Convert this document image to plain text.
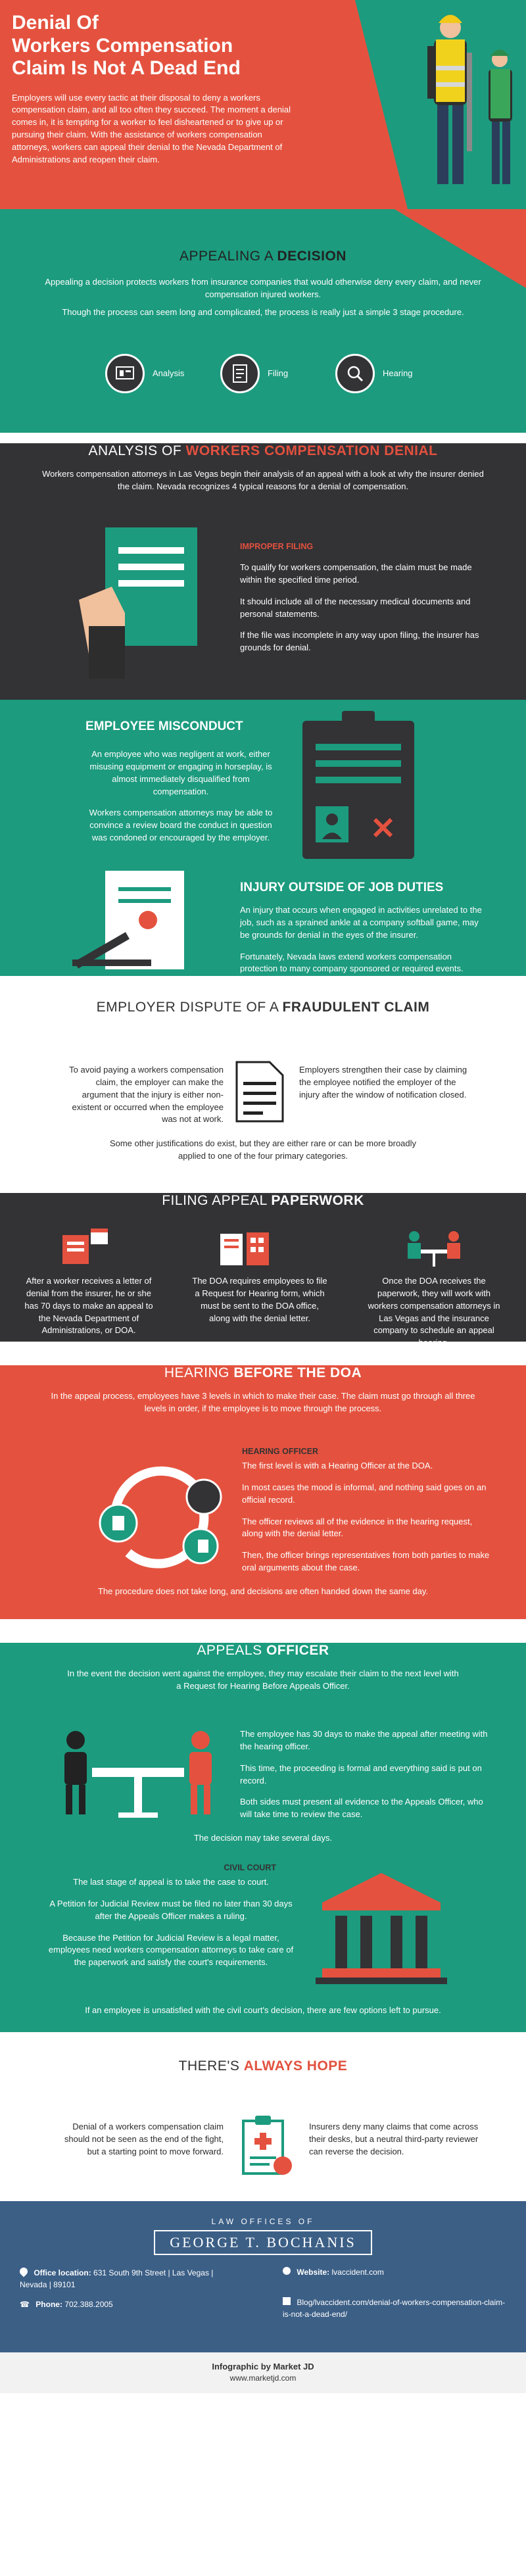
Denial Of
Workers Compensation
Claim Is Not A Dead End

Employers will use every tactic at their disposal to deny a workers compensation claim, and all too often they succeed. The moment a denial comes in, it is tempting for a worker to feel disheartened or to give up or pursuing their claim. With the assistance of workers compensation attorneys, workers can appeal their denial to the Nevada Department of Administrations and reopen their claim.

APPEALING A DECISION

Appealing a decision protects workers from insurance companies that would otherwise deny every claim, and never compensation injured workers.

Though the process can seem long and complicated, the process is really just a simple 3 stage procedure.

Analysis	Filing	Hearing
ANALYSIS OF WORKERS COMPENSATION DENIAL

Workers compensation attorneys in Las Vegas begin their analysis of an appeal with a look at why the insurer denied the claim. Nevada recognizes 4 typical reasons for a denial of compensation.

IMPROPER FILING

To qualify for workers compensation, the claim must be made within the specified time period.

It should include all of the necessary medical documents and personal statements.

If the file was incomplete in any way upon filing, the insurer has grounds for denial.

EMPLOYEE MISCONDUCT

An employee who was negligent at work, either misusing equipment or engaging in horseplay, is almost immediately disqualified from compensation.

Workers compensation attorneys may be able to convince a review board the conduct in question was condoned or encouraged by the employer.

INJURY OUTSIDE OF JOB DUTIES

An injury that occurs when engaged in activities unrelated to the job, such as a sprained ankle at a company softball game, may be grounds for denial in the eyes of the insurer.

Fortunately, Nevada laws extend workers compensation protection to many company sponsored or required events.

EMPLOYER DISPUTE OF A FRAUDULENT CLAIM

To avoid paying a workers compensation claim, the employer can make the argument that the injury is either non-existent or occurred when the employee was not at work.

Employers strengthen their case by claiming the employee notified the employer of the injury after the window of notification closed.

Some other justifications do exist, but they are either rare or can be more broadly applied to one of the four primary categories.

FILING APPEAL PAPERWORK

After a worker receives a letter of denial from the insurer, he or she has 70 days to make an appeal to the Nevada Department of Administrations, or DOA.

The DOA requires employees to file a Request for Hearing form, which must be sent to the DOA office, along with the denial letter.

Once the DOA receives the paperwork, they will work with workers compensation attorneys in Las Vegas and the insurance company to schedule an appeal hearing.

HEARING BEFORE THE DOA

In the appeal process, employees have 3 levels in which to make their case. The claim must go through all three levels in order, if the employee is to move through the process.

HEARING OFFICER

The first level is with a Hearing Officer at the DOA.

In most cases the mood is informal, and nothing said goes on an official record.

The officer reviews all of the evidence in the hearing request, along with the denial letter.

Then, the officer brings representatives from both parties to make oral arguments about the case.

The procedure does not take long, and decisions are often handed down the same day.

APPEALS OFFICER

In the event the decision went against the employee, they may escalate their claim to the next level with a Request for Hearing Before Appeals Officer.

The employee has 30 days to make the appeal after meeting with the hearing officer.

This time, the proceeding is formal and everything said is put on record.

Both sides must present all evidence to the Appeals Officer, who will take time to review the case.

The decision may take several days.

CIVIL COURT

The last stage of appeal is to take the case to court.

A Petition for Judicial Review must be filed no later than 30 days after the Appeals Officer makes a ruling.

Because the Petition for Judicial Review is a legal matter, employees need workers compensation attorneys to take care of the paperwork and satisfy the court's requirements.

If an employee is unsatisfied with the civil court's decision, there are few options left to pursue.

THERE'S ALWAYS HOPE

Denial of a workers compensation claim should not be seen as the end of the fight, but a starting point to move forward.

Insurers deny many claims that come across their desks, but a neutral third-party reviewer can reverse the decision.

LAW OFFICES OF
GEORGE T. BOCHANIS
Office location: 631 South 9th Street | Las Vegas | Nevada | 89101
☎ Phone: 702.388.2005
Website: lvaccident.com
Blog/lvaccident.com/denial-of-workers-compensation-claim-is-not-a-dead-end/
Infographic by Market JD
www.marketjd.com
